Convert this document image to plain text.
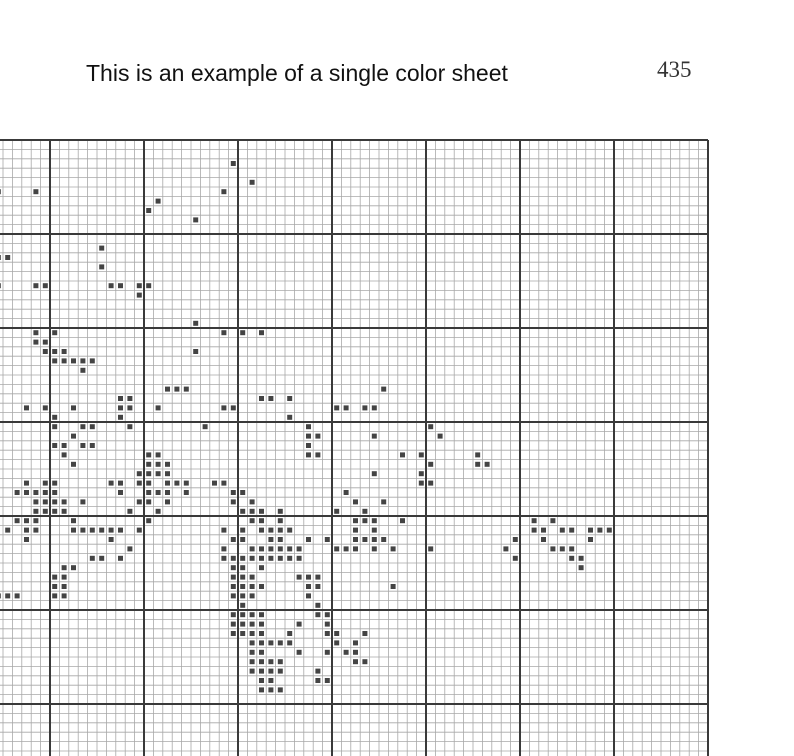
This is an example of a single color sheet	435
